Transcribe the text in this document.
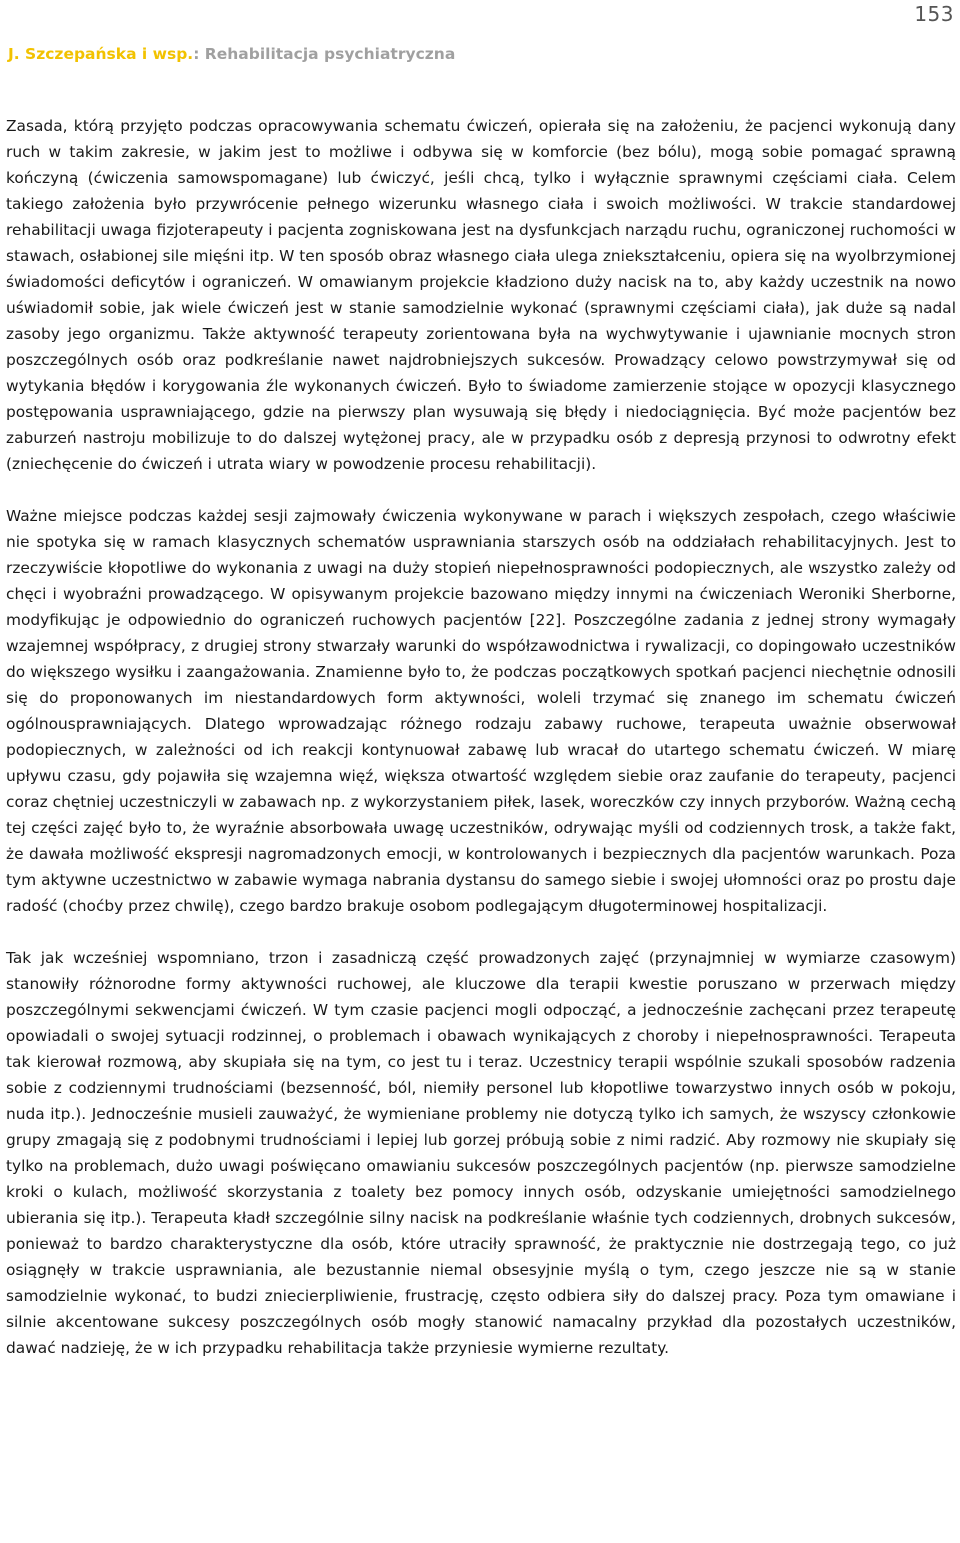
153
J. Szczepańska i wsp.: Rehabilitacja psychiatryczna

Zasada, którą przyjęto podczas opracowywania schematu ćwiczeń, opierała się na założeniu, że pacjenci wykonują dany ruch w takim zakresie, w jakim jest to możliwe i odbywa się w komforcie (bez bólu), mogą sobie pomagać sprawną kończyną (ćwiczenia samowspomagane) lub ćwiczyć, jeśli chcą, tylko i wyłącznie sprawnymi częściami ciała. Celem takiego założenia było przywrócenie pełnego wizerunku własnego ciała i swoich możliwości. W trakcie standardowej rehabilitacji uwaga fizjoterapeuty i pacjenta zogniskowana jest na dysfunkcjach narządu ruchu, ograniczonej ruchomości w stawach, osłabionej sile mięśni itp. W ten sposób obraz własnego ciała ulega zniekształceniu, opiera się na wyolbrzymionej świadomości deficytów i ograniczeń. W omawianym projekcie kładziono duży nacisk na to, aby każdy uczestnik na nowo uświadomił sobie, jak wiele ćwiczeń jest w stanie samodzielnie wykonać (sprawnymi częściami ciała), jak duże są nadal zasoby jego organizmu. Także aktywność terapeuty zorientowana była na wychwytywanie i ujawnianie mocnych stron poszczególnych osób oraz podkreślanie nawet najdrobniejszych sukcesów. Prowadzący celowo powstrzymywał się od wytykania błędów i korygowania źle wykonanych ćwiczeń. Było to świadome zamierzenie stojące w opozycji klasycznego postępowania usprawniającego, gdzie na pierwszy plan wysuwają się błędy i niedociągnięcia. Być może pacjentów bez zaburzeń nastroju mobilizuje to do dalszej wytężonej pracy, ale w przypadku osób z depresją przynosi to odwrotny efekt (zniechęcenie do ćwiczeń i utrata wiary w powodzenie procesu rehabilitacji).

Ważne miejsce podczas każdej sesji zajmowały ćwiczenia wykonywane w parach i większych zespołach, czego właściwie nie spotyka się w ramach klasycznych schematów usprawniania starszych osób na oddziałach rehabilitacyjnych. Jest to rzeczywiście kłopotliwe do wykonania z uwagi na duży stopień niepełnosprawności podopiecznych, ale wszystko zależy od chęci i wyobraźni prowadzącego. W opisywanym projekcie bazowano między innymi na ćwiczeniach Weroniki Sherborne, modyfikując je odpowiednio do ograniczeń ruchowych pacjentów [22]. Poszczególne zadania z jednej strony wymagały wzajemnej współpracy, z drugiej strony stwarzały warunki do współzawodnictwa i rywalizacji, co dopingowało uczestników do większego wysiłku i zaangażowania. Znamienne było to, że podczas początkowych spotkań pacjenci niechętnie odnosili się do proponowanych im niestandardowych form aktywności, woleli trzymać się znanego im schematu ćwiczeń ogólnousprawniających. Dlatego wprowadzając różnego rodzaju zabawy ruchowe, terapeuta uważnie obserwował podopiecznych, w zależności od ich reakcji kontynuował zabawę lub wracał do utartego schematu ćwiczeń. W miarę upływu czasu, gdy pojawiła się wzajemna więź, większa otwartość względem siebie oraz zaufanie do terapeuty, pacjenci coraz chętniej uczestniczyli w zabawach np. z wykorzystaniem piłek, lasek, woreczków czy innych przyborów. Ważną cechą tej części zajęć było to, że wyraźnie absorbowała uwagę uczestników, odrywając myśli od codziennych trosk, a także fakt, że dawała możliwość ekspresji nagromadzonych emocji, w kontrolowanych i bezpiecznych dla pacjentów warunkach. Poza tym aktywne uczestnictwo w zabawie wymaga nabrania dystansu do samego siebie i swojej ułomności oraz po prostu daje radość (choćby przez chwilę), czego bardzo brakuje osobom podlegającym długoterminowej hospitalizacji.

Tak jak wcześniej wspomniano, trzon i zasadniczą część prowadzonych zajęć (przynajmniej w wymiarze czasowym) stanowiły różnorodne formy aktywności ruchowej, ale kluczowe dla terapii kwestie poruszano w przerwach między poszczególnymi sekwencjami ćwiczeń. W tym czasie pacjenci mogli odpocząć, a jednocześnie zachęcani przez terapeutę opowiadali o swojej sytuacji rodzinnej, o problemach i obawach wynikających z choroby i niepełnosprawności. Terapeuta tak kierował rozmową, aby skupiała się na tym, co jest tu i teraz. Uczestnicy terapii wspólnie szukali sposobów radzenia sobie z codziennymi trudnościami (bezsenność, ból, niemiły personel lub kłopotliwe towarzystwo innych osób w pokoju, nuda itp.). Jednocześnie musieli zauważyć, że wymieniane problemy nie dotyczą tylko ich samych, że wszyscy członkowie grupy zmagają się z podobnymi trudnościami i lepiej lub gorzej próbują sobie z nimi radzić. Aby rozmowy nie skupiały się tylko na problemach, dużo uwagi poświęcano omawianiu sukcesów poszczególnych pacjentów (np. pierwsze samodzielne kroki o kulach, możliwość skorzystania z toalety bez pomocy innych osób, odzyskanie umiejętności samodzielnego ubierania się itp.). Terapeuta kładł szczególnie silny nacisk na podkreślanie właśnie tych codziennych, drobnych sukcesów, ponieważ to bardzo charakterystyczne dla osób, które utraciły sprawność, że praktycznie nie dostrzegają tego, co już osiągnęły w trakcie usprawniania, ale bezustannie niemal obsesyjnie myślą o tym, czego jeszcze nie są w stanie samodzielnie wykonać, to budzi zniecierpliwienie, frustrację, często odbiera siły do dalszej pracy. Poza tym omawiane i silnie akcentowane sukcesy poszczególnych osób mogły stanowić namacalny przykład dla pozostałych uczestników, dawać nadzieję, że w ich przypadku rehabilitacja także przyniesie wymierne rezultaty.
